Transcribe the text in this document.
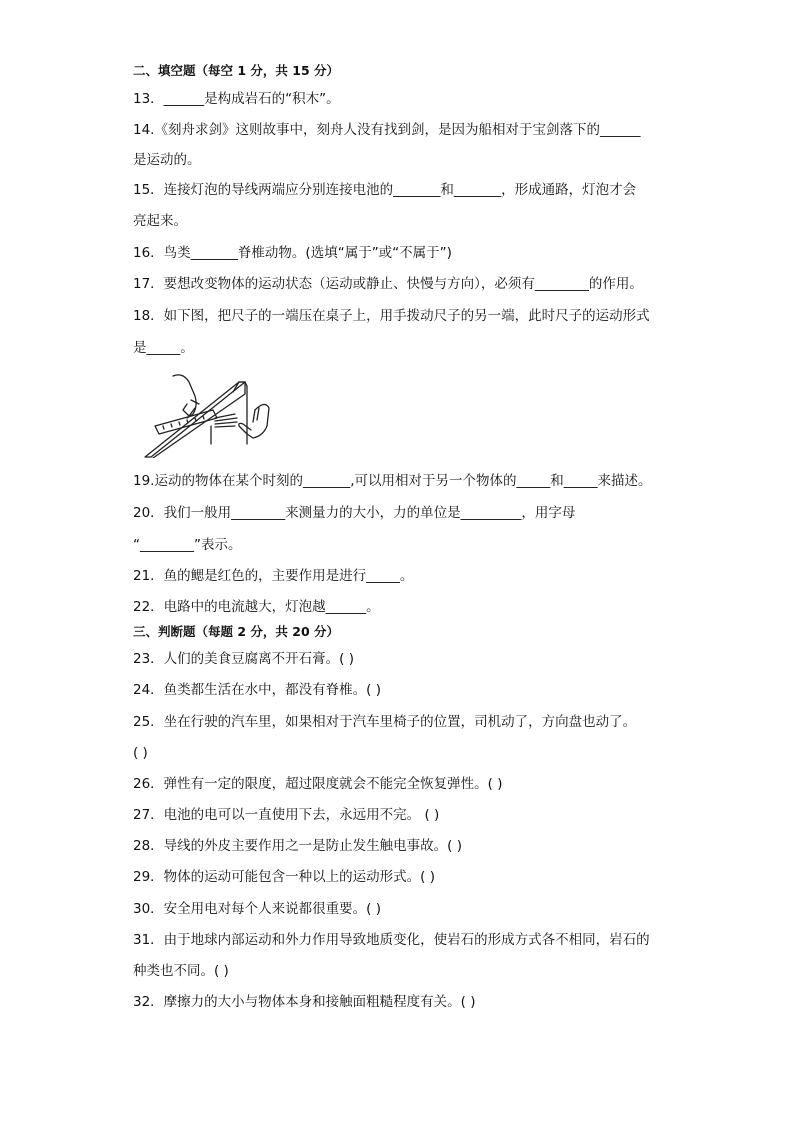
二、填空题（每空 1 分，共 15 分）
13．______是构成岩石的“积木”。
14.《刻舟求剑》这则故事中，刻舟人没有找到剑，是因为船相对于宝剑落下的______
是运动的。
15．连接灯泡的导线两端应分别连接电池的_______和_______，形成通路，灯泡才会
亮起来。
16．鸟类_______脊椎动物。(选填“属于”或“不属于”)
17．要想改变物体的运动状态（运动或静止、快慢与方向），必须有________的作用。
18．如下图，把尺子的一端压在桌子上，用手拨动尺子的另一端，此时尺子的运动形式
是_____。
19.运动的物体在某个时刻的_______,可以用相对于另一个物体的_____和_____来描述。
20．我们一般用________来测量力的大小，力的单位是_________，用字母
“________”表示。
21．鱼的鳃是红色的，主要作用是进行_____。
22．电路中的电流越大，灯泡越______。
三、判断题（每题 2 分，共 20 分）
23．人们的美食豆腐离不开石膏。( )
24．鱼类都生活在水中，都没有脊椎。( )
25．坐在行驶的汽车里，如果相对于汽车里椅子的位置，司机动了，方向盘也动了。
( )
26．弹性有一定的限度，超过限度就会不能完全恢复弹性。( )
27．电池的电可以一直使用下去，永远用不完。 ( )
28．导线的外皮主要作用之一是防止发生触电事故。( )
29．物体的运动可能包含一种以上的运动形式。( )
30．安全用电对每个人来说都很重要。( )
31．由于地球内部运动和外力作用导致地质变化，使岩石的形成方式各不相同，岩石的
种类也不同。( )
32．摩擦力的大小与物体本身和接触面粗糙程度有关。( )
